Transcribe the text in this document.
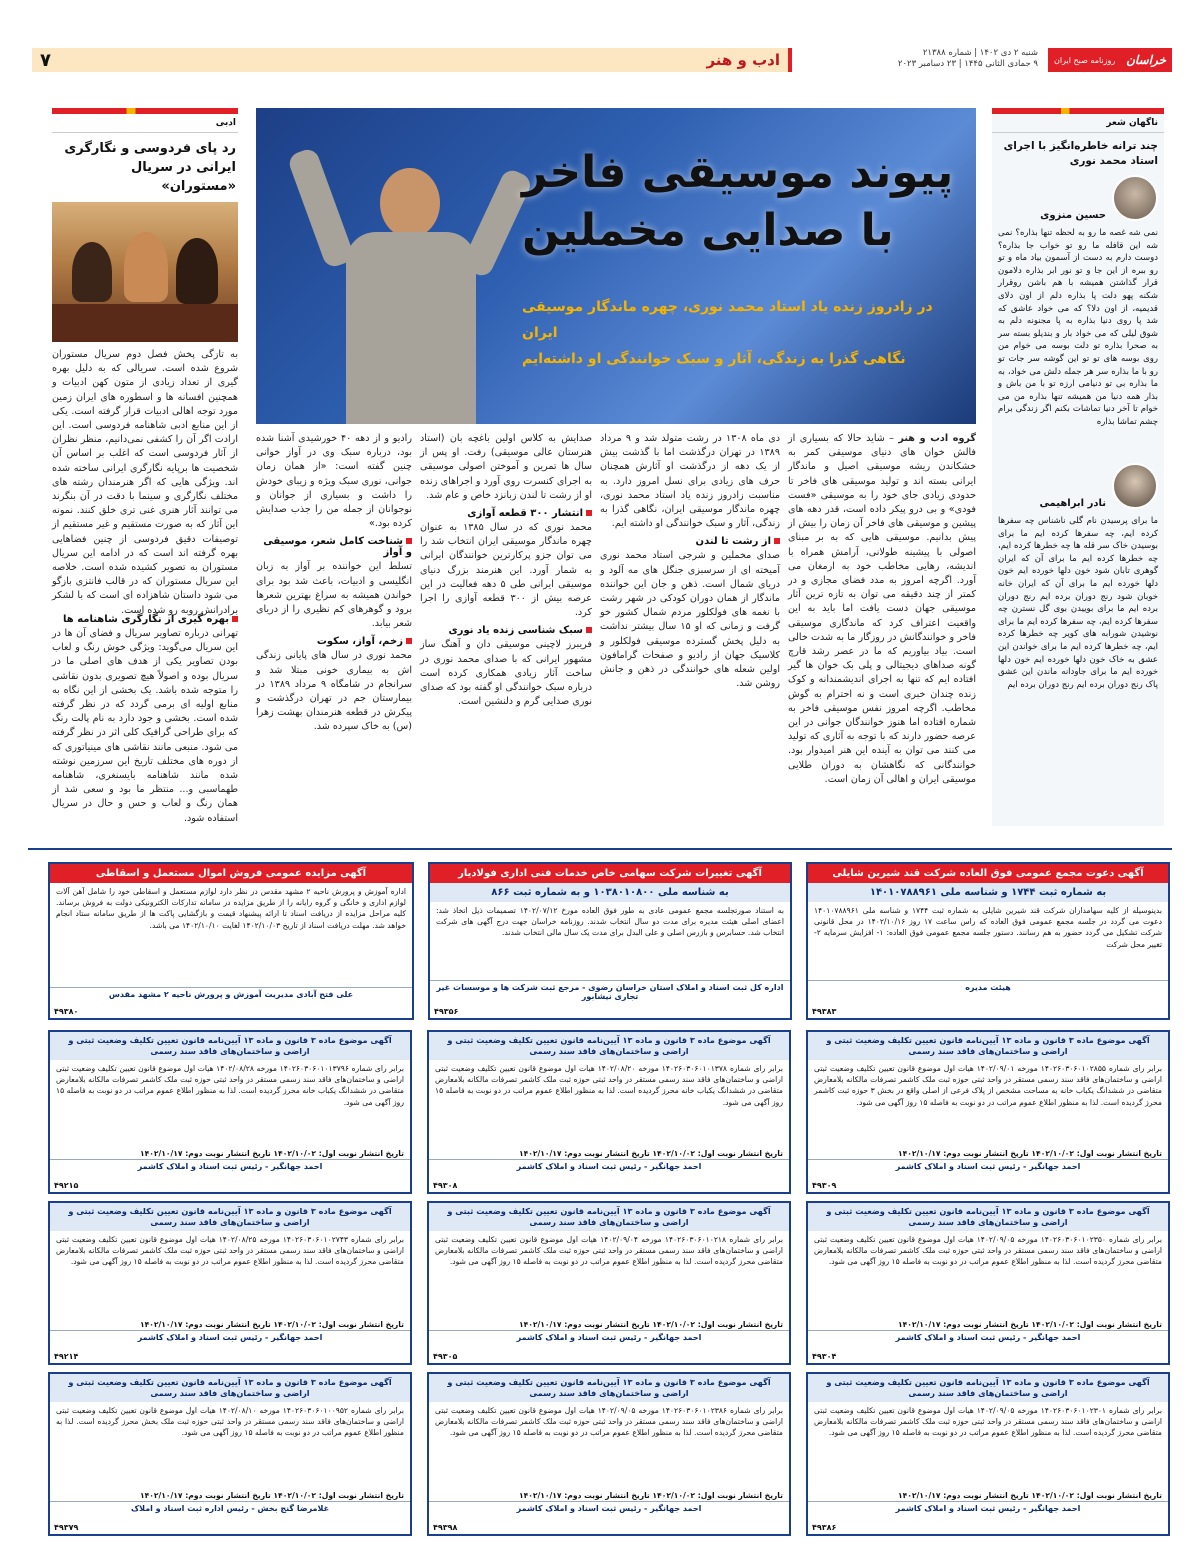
خراسان
روزنامه صبح ایران
شنبه ۲ دی ۱۴۰۲ | شماره ۲۱۳۸۸
۹ جمادی الثانی ۱۴۴۵ | ۲۳ دسامبر ۲۰۲۳
ادب و هنر
۷
ناگهان شعر
چند ترانه خاطره‌انگیز با اجرای استاد محمد نوری
حسین منزوی
نمی شه غصه ما رو به لحظه تنها بذاره؟ نمی شه این قافله ما رو تو خواب جا بذاره؟ دوست دارم به دست از آسمون بیاد ماه و تو رو ببره از این جا و تو نور ابر بذاره دلامون قرار گذاشتن همیشه با هم باشن روقرار شکنه پهو دلت پا بذاره دلم از اون دلای قدیمیه، از اون دلا؟ که می خواد عاشق که شد پا روی دنیا بذاره به پا مجنونه دلم به شوق لیلی که می خواد بار و بندیلو بسته سر به صحرا بذاره تو دلت بوسه می خوام من روی بوسه های تو تو این گوشه سر جات تو رو با ما بذاره سر هر جمله دلش می خواد، به ما بذاره بی تو دنیامی ارزه تو با من باش و بذار همه دنیا من همیشه تنها بذاره من می خوام تا آخر دنیا تماشات بکنم اگر زندگی برام چشم تماشا بذاره
نادر ابراهیمی
ما برای پرسیدن نام گلی ناشناس چه سفرها کرده ایم، چه سفرها کرده ایم ما برای بوسیدن خاک سر قله ها چه خطرها کرده ایم، چه خطرها کرده ایم ما برای آن که ایران گوهری تابان شود خون دلها خورده ایم خون دلها خورده ایم ما برای آن که ایران خانه خوبان شود رنج دوران برده ایم رنج دوران برده ایم ما برای بوییدن بوی گل نسترن چه سفرها کرده ایم، چه سفرها کرده ایم ما برای نوشیدن شورابه های کویر چه خطرها کرده ایم، چه خطرها کرده ایم ما برای خواندن این عشق به خاک خون دلها خورده ایم خون دلها خورده ایم ما برای جاودانه ماندن این عشق پاک رنج دوران برده ایم رنج دوران برده ایم
ادبی
رد پای فردوسی و نگارگری ایرانی در سریال «مستوران»
به تازگی پخش فصل دوم سریال مستوران شروع شده است. سریالی که به دلیل بهره گیری از تعداد زیادی از متون کهن ادبیات و همچنین افسانه ها و اسطوره های ایران زمین مورد توجه اهالی ادبیات قرار گرفته است. یکی از این منابع ادبی شاهنامه فردوسی است. این ارادت اگر آن را کشفی نمی‌دانیم، منظر نظران از آثار فردوسی است که اغلب بر اساس آن شخصیت ها برپایه نگارگری ایرانی ساخته شده اند. ویژگی هایی که اگر هنرمندان رشته های مختلف نگارگری و سینما با دقت در آن بنگرند می توانند آثار هنری غنی تری خلق کنند. نمونه این آثار که به صورت مستقیم و غیر مستقیم از توصیفات دقیق فردوسی از چنین فضاهایی بهره گرفته اند است که در ادامه این سریال مستوران به تصویر کشیده شده است. خلاصه این سریال مستوران که در قالب فانتزی بازگو می شود داستان شاهزاده ای است که با لشکر برادرانش روبه رو شده است.
بهره گیری از نگارگری شاهنامه ها
تهرانی درباره تصاویر سریال و فضای آن ها در این سریال می‌گوید: ویژگی خوش رنگ و لعاب بودن تصاویر یکی از هدف های اصلی ما در سریال بوده و اصولاً هیچ تصویری بدون نقاشی را متوجه شده باشد. یک بخشی از این نگاه به منابع اولیه ای برمی گردد که در نظر گرفته شده است. بخشی و جود دارد به نام پالت رنگ که برای طراحی گرافیک کلی اثر در نظر گرفته می شود. منبعی مانند نقاشی های مینیاتوری که از دوره های مختلف تاریخ این سرزمین نوشته شده مانند شاهنامه بایسنغری، شاهنامه طهماسبی و... منتظر ما بود و سعی شد از همان رنگ و لعاب و حس و حال در سریال استفاده شود.
پیوند موسیقی فاخر
با صدایی مخملین
در زادروز زنده یاد استاد محمد نوری، چهره ماندگار موسیقی ایران
نگاهی گذرا به زندگی، آثار و سبک خوانندگی او داشته‌ایم
گروه ادب و هنر – شاید حالا که بسیاری از فالش خوان های دنیای موسیقی کمر به خشکاندن ریشه موسیقی اصیل و ماندگار ایرانی بسته اند و تولید موسیقی های فاخر تا حدودی زیادی جای خود را به موسیقی «فست فودی» و بی درو پیکر داده است، قدر دهه های پیشین و موسیقی های فاخر آن زمان را بیش از پیش بدانیم. موسیقی هایی که به بر مبنای اصولی با پیشینه طولانی، آرامش همراه با اندیشه، رهایی مخاطب خود به ارمغان می آورد. اگرچه امروز به مدد فضای مجازی و در کمتر از چند دقیقه می توان به تازه ترین آثار موسیقی جهان دست یافت اما باید به این واقعیت اعتراف کرد که ماندگاری موسیقی فاخر و خوانندگانش در روزگار ما به شدت خالی است. بیاد بیاوریم که ما در عصر رشد قارچ گونه صداهای دیجیتالی و پلی بک خوان ها گیر افتاده ایم که تنها به اجرای اندیشمندانه و کوک زنده چندان خبری است و نه احترام به گوش مخاطب. اگرچه امروز نفس موسیقی فاخر به شماره افتاده اما هنوز خوانندگان جوانی در این عرصه حضور دارند که با توجه به آثاری که تولید می کنند می توان به آینده این هنر امیدوار بود. خوانندگانی که نگاهشان به دوران طلایی موسیقی ایران و اهالی آن زمان است.
دی ماه ۱۳۰۸ در رشت متولد شد و ۹ مرداد ۱۳۸۹ در تهران درگذشت اما با گذشت بیش از یک دهه از درگذشت او آثارش همچنان حرف های زیادی برای نسل امروز دارد. به مناسبت زادروز زنده یاد استاد محمد نوری، چهره ماندگار موسیقی ایران، نگاهی گذرا به زندگی، آثار و سبک خوانندگی او داشته ایم.
از رشت تا لندن
صدای مخملین و شرجی استاد محمد نوری آمیخته ای از سرسبزی جنگل های مه آلود و دریای شمال است. ذهن و جان این خواننده ماندگار از همان دوران کودکی در شهر رشت با نغمه های فولکلور مردم شمال کشور خو گرفت و زمانی که او ۱۵ سال بیشتر نداشت به دلیل پخش گسترده موسیقی فولکلور و کلاسیک جهان از رادیو و صفحات گرامافون اولین شعله های خوانندگی در ذهن و جانش روشن شد.
صدایش به کلاس اولین باغچه بان (استاد هنرستان عالی موسیقی) رفت. او پس از سال ها تمرین و آموختن اصولی موسیقی به اجرای کنسرت روی آورد و اجراهای زنده او از رشت تا لندن زبانزد خاص و عام شد.
انتشار ۳۰۰ قطعه آوازی
محمد نوری که در سال ۱۳۸۵ به عنوان چهره ماندگار موسیقی ایران انتخاب شد را می توان جزو پرکارترین خوانندگان ایرانی به شمار آورد. این هنرمند بزرگ دنیای موسیقی ایرانی طی ۵ دهه فعالیت در این عرصه بیش از ۳۰۰ قطعه آوازی را اجرا کرد.
سبک شناسی زنده یاد نوری
فریبرز لاچینی موسیقی دان و آهنگ ساز مشهور ایرانی که با صدای محمد نوری در ساخت آثار زیادی همکاری کرده است درباره سبک خوانندگی او گفته بود که صدای نوری صدایی گرم و دلنشین است.
رادیو و از دهه ۴۰ خورشیدی آشنا شده بود، درباره سبک وی در آواز خوانی چنین گفته است: «از همان زمان جوانی، نوری سبک ویژه و زیبای خودش را داشت و بسیاری از جوانان و نوجوانان از جمله من را جذب صدایش کرده بود.»
شناخت کامل شعر، موسیقی و آواز
تسلط این خواننده بر آواز به زبان انگلیسی و ادبیات، باعث شد بود برای خواندن همیشه به سراغ بهترین شعرها برود و گوهرهای کم نظیری را از دریای شعر بیابد.
زخم، آواز، سکوت
محمد نوری در سال های پایانی زندگی اش به بیماری خونی مبتلا شد و سرانجام در شامگاه ۹ مرداد ۱۳۸۹ در بیمارستان جم در تهران درگذشت و پیکرش در قطعه هنرمندان بهشت زهرا (س) به خاک سپرده شد.
آگهی دعوت مجمع عمومی فوق العاده شرکت قند شیرین شایلی
به شماره ثبت ۱۷۴۴ و شناسه ملی ۱۴۰۱۰۷۸۸۹۶۱
بدینوسیله از کلیه سهامداران شرکت قند شیرین شایلی به شماره ثبت ۱۷۴۴ و شناسه ملی ۱۴۰۱۰۷۸۸۹۶۱ دعوت می گردد در جلسه مجمع عمومی فوق العاده که راس ساعت ۱۷ روز ۱۴۰۲/۱۰/۱۶ در محل قانونی شرکت تشکیل می گردد حضور به هم رسانند. دستور جلسه مجمع عمومی فوق العاده: ۱- افزایش سرمایه ۲- تغییر محل شرکت
هیئت مدیره
۴۹۳۸۳
آگهی تغییرات شرکت سهامی خاص خدمات فنی اداری فولادیار
به شناسه ملی ۱۰۳۸۰۱۰۸۰۰ و به شماره ثبت ۸۶۶
به استناد صورتجلسه مجمع عمومی عادی به طور فوق العاده مورخ ۱۴۰۲/۰۷/۱۲ تصمیمات ذیل اتخاذ شد: اعضای اصلی هیئت مدیره برای مدت دو سال انتخاب شدند. روزنامه خراسان جهت درج آگهی های شرکت انتخاب شد. حسابرس و بازرس اصلی و علی البدل برای مدت یک سال مالی انتخاب شدند.
اداره کل ثبت اسناد و املاک استان خراسان رضوی - مرجع ثبت شرکت ها و موسسات غیر تجاری نیشابور
۴۹۳۵۶
آگهی مزایده عمومی فروش اموال مستعمل و اسقاطی
اداره آموزش و پرورش ناحیه ۲ مشهد مقدس در نظر دارد لوازم مستعمل و اسقاطی خود را شامل آهن آلات لوازم اداری و خانگی و گروه رایانه را از طریق مزایده در سامانه تدارکات الکترونیکی دولت به فروش برساند. کلیه مراحل مزایده از دریافت اسناد تا ارائه پیشنهاد قیمت و بازگشایی پاکت ها از طریق سامانه ستاد انجام خواهد شد. مهلت دریافت اسناد از تاریخ ۱۴۰۲/۱۰/۰۳ لغایت ۱۴۰۲/۱۰/۱۰ می باشد.
علی فتح آبادی مدیریت آموزش و پرورش ناحیه ۲ مشهد مقدس
۴۹۳۸۰
آگهی موضوع ماده ۳ قانون و ماده ۱۳ آیین‌نامه قانون تعیین تکلیف وضعیت ثبتی و اراضی و ساختمان‌های فاقد سند رسمی
برابر رای شماره ۱۴۰۲۶۰۳۰۶۰۱۰۲۸۵۵ مورخه ۱۴۰۲/۰۹/۰۱ هیات اول موضوع قانون تعیین تکلیف وضعیت ثبتی اراضی و ساختمان‌های فاقد سند رسمی مستقر در واحد ثبتی حوزه ثبت ملک کاشمر تصرفات مالکانه بلامعارض متقاضی در ششدانگ یکباب خانه به مساحت مشخص از پلاک فرعی از اصلی واقع در بخش ۳ حوزه ثبت کاشمر محرز گردیده است. لذا به منظور اطلاع عموم مراتب در دو نوبت به فاصله ۱۵ روز آگهی می شود.
تاریخ انتشار نوبت اول: ۱۴۰۲/۱۰/۰۲ تاریخ انتشار نوبت دوم: ۱۴۰۲/۱۰/۱۷
احمد جهانگیر - رئیس ثبت اسناد و املاک کاشمر
۴۹۳۰۹
آگهی موضوع ماده ۳ قانون و ماده ۱۳ آیین‌نامه قانون تعیین تکلیف وضعیت ثبتی و اراضی و ساختمان‌های فاقد سند رسمی
برابر رای شماره ۱۴۰۲۶۰۳۰۶۰۱۰۱۳۷۸ مورخه ۱۴۰۲/۰۸/۲۰ هیات اول موضوع قانون تعیین تکلیف وضعیت ثبتی اراضی و ساختمان‌های فاقد سند رسمی مستقر در واحد ثبتی حوزه ثبت ملک کاشمر تصرفات مالکانه بلامعارض متقاضی در ششدانگ یکباب خانه محرز گردیده است. لذا به منظور اطلاع عموم مراتب در دو نوبت به فاصله ۱۵ روز آگهی می شود.
تاریخ انتشار نوبت اول: ۱۴۰۲/۱۰/۰۲ تاریخ انتشار نوبت دوم: ۱۴۰۲/۱۰/۱۷
احمد جهانگیر - رئیس ثبت اسناد و املاک کاشمر
۴۹۳۰۸
آگهی موضوع ماده ۳ قانون و ماده ۱۳ آیین‌نامه قانون تعیین تکلیف وضعیت ثبتی و اراضی و ساختمان‌های فاقد سند رسمی
برابر رای شماره ۱۴۰۲۶۰۳۰۶۰۱۰۱۳۷۹۶ مورخه ۱۴۰۲/۰۸/۲۸ هیات اول موضوع قانون تعیین تکلیف وضعیت ثبتی اراضی و ساختمان‌های فاقد سند رسمی مستقر در واحد ثبتی حوزه ثبت ملک کاشمر تصرفات مالکانه بلامعارض متقاضی در ششدانگ یکباب خانه محرز گردیده است. لذا به منظور اطلاع عموم مراتب در دو نوبت به فاصله ۱۵ روز آگهی می شود.
تاریخ انتشار نوبت اول: ۱۴۰۲/۱۰/۰۲ تاریخ انتشار نوبت دوم: ۱۴۰۲/۱۰/۱۷
احمد جهانگیر - رئیس ثبت اسناد و املاک کاشمر
۴۹۲۱۵
آگهی موضوع ماده ۳ قانون و ماده ۱۳ آیین‌نامه قانون تعیین تکلیف وضعیت ثبتی و اراضی و ساختمان‌های فاقد سند رسمی
برابر رای شماره ۱۴۰۲۶۰۳۰۶۰۱۰۲۳۵۰ مورخه ۱۴۰۲/۰۹/۰۵ هیات اول موضوع قانون تعیین تکلیف وضعیت ثبتی اراضی و ساختمان‌های فاقد سند رسمی مستقر در واحد ثبتی حوزه ثبت ملک کاشمر تصرفات مالکانه بلامعارض متقاضی محرز گردیده است. لذا به منظور اطلاع عموم مراتب در دو نوبت به فاصله ۱۵ روز آگهی می شود.
تاریخ انتشار نوبت اول: ۱۴۰۲/۱۰/۰۲ تاریخ انتشار نوبت دوم: ۱۴۰۲/۱۰/۱۷
احمد جهانگیر - رئیس ثبت اسناد و املاک کاشمر
۴۹۳۰۴
آگهی موضوع ماده ۳ قانون و ماده ۱۳ آیین‌نامه قانون تعیین تکلیف وضعیت ثبتی و اراضی و ساختمان‌های فاقد سند رسمی
برابر رای شماره ۱۴۰۲۶۰۳۰۶۰۱۰۲۱۸ مورخه ۱۴۰۲/۰۹/۰۴ هیات اول موضوع قانون تعیین تکلیف وضعیت ثبتی اراضی و ساختمان‌های فاقد سند رسمی مستقر در واحد ثبتی حوزه ثبت ملک کاشمر تصرفات مالکانه بلامعارض متقاضی محرز گردیده است. لذا به منظور اطلاع عموم مراتب در دو نوبت به فاصله ۱۵ روز آگهی می شود.
تاریخ انتشار نوبت اول: ۱۴۰۲/۱۰/۰۲ تاریخ انتشار نوبت دوم: ۱۴۰۲/۱۰/۱۷
احمد جهانگیر - رئیس ثبت اسناد و املاک کاشمر
۴۹۳۰۵
آگهی موضوع ماده ۳ قانون و ماده ۱۳ آیین‌نامه قانون تعیین تکلیف وضعیت ثبتی و اراضی و ساختمان‌های فاقد سند رسمی
برابر رای شماره ۱۴۰۲۶۰۳۰۶۰۱۰۲۷۴۳ مورخه ۱۴۰۲/۰۸/۲۵ هیات اول موضوع قانون تعیین تکلیف وضعیت ثبتی اراضی و ساختمان‌های فاقد سند رسمی مستقر در واحد ثبتی حوزه ثبت ملک کاشمر تصرفات مالکانه بلامعارض متقاضی محرز گردیده است. لذا به منظور اطلاع عموم مراتب در دو نوبت به فاصله ۱۵ روز آگهی می شود.
تاریخ انتشار نوبت اول: ۱۴۰۲/۱۰/۰۲ تاریخ انتشار نوبت دوم: ۱۴۰۲/۱۰/۱۷
احمد جهانگیر - رئیس ثبت اسناد و املاک کاشمر
۴۹۲۱۴
آگهی موضوع ماده ۳ قانون و ماده ۱۳ آیین‌نامه قانون تعیین تکلیف وضعیت ثبتی و اراضی و ساختمان‌های فاقد سند رسمی
برابر رای شماره ۱۴۰۲۶۰۳۰۶۰۱۰۲۳۰۱ مورخه ۱۴۰۲/۰۹/۰۵ هیات اول موضوع قانون تعیین تکلیف وضعیت ثبتی اراضی و ساختمان‌های فاقد سند رسمی مستقر در واحد ثبتی حوزه ثبت ملک کاشمر تصرفات مالکانه بلامعارض متقاضی محرز گردیده است. لذا به منظور اطلاع عموم مراتب در دو نوبت به فاصله ۱۵ روز آگهی می شود.
تاریخ انتشار نوبت اول: ۱۴۰۲/۱۰/۰۲ تاریخ انتشار نوبت دوم: ۱۴۰۲/۱۰/۱۷
احمد جهانگیر - رئیس ثبت اسناد و املاک کاشمر
۴۹۳۸۶
آگهی موضوع ماده ۳ قانون و ماده ۱۳ آیین‌نامه قانون تعیین تکلیف وضعیت ثبتی و اراضی و ساختمان‌های فاقد سند رسمی
برابر رای شماره ۱۴۰۲۶۰۳۰۶۰۱۰۲۳۸۶ مورخه ۱۴۰۲/۰۹/۰۵ هیات اول موضوع قانون تعیین تکلیف وضعیت ثبتی اراضی و ساختمان‌های فاقد سند رسمی مستقر در واحد ثبتی حوزه ثبت ملک کاشمر تصرفات مالکانه بلامعارض متقاضی محرز گردیده است. لذا به منظور اطلاع عموم مراتب در دو نوبت به فاصله ۱۵ روز آگهی می شود.
تاریخ انتشار نوبت اول: ۱۴۰۲/۱۰/۰۲ تاریخ انتشار نوبت دوم: ۱۴۰۲/۱۰/۱۷
احمد جهانگیر - رئیس ثبت اسناد و املاک کاشمر
۴۹۳۹۸
آگهی موضوع ماده ۳ قانون و ماده ۱۳ آیین‌نامه قانون تعیین تکلیف وضعیت ثبتی و اراضی و ساختمان‌های فاقد سند رسمی
برابر رای شماره ۱۴۰۲۶۰۳۰۶۰۱۰۰۹۵۲ مورخه ۱۴۰۲/۰۸/۱۰ هیات اول موضوع قانون تعیین تکلیف وضعیت ثبتی اراضی و ساختمان‌های فاقد سند رسمی مستقر در واحد ثبتی حوزه ثبت ملک بخش محرز گردیده است. لذا به منظور اطلاع عموم مراتب در دو نوبت به فاصله ۱۵ روز آگهی می شود.
تاریخ انتشار نوبت اول: ۱۴۰۲/۱۰/۰۲ تاریخ انتشار نوبت دوم: ۱۴۰۲/۱۰/۱۷
غلامرضا گنج بخش - رئیس اداره ثبت اسناد و املاک
۴۹۳۷۹
